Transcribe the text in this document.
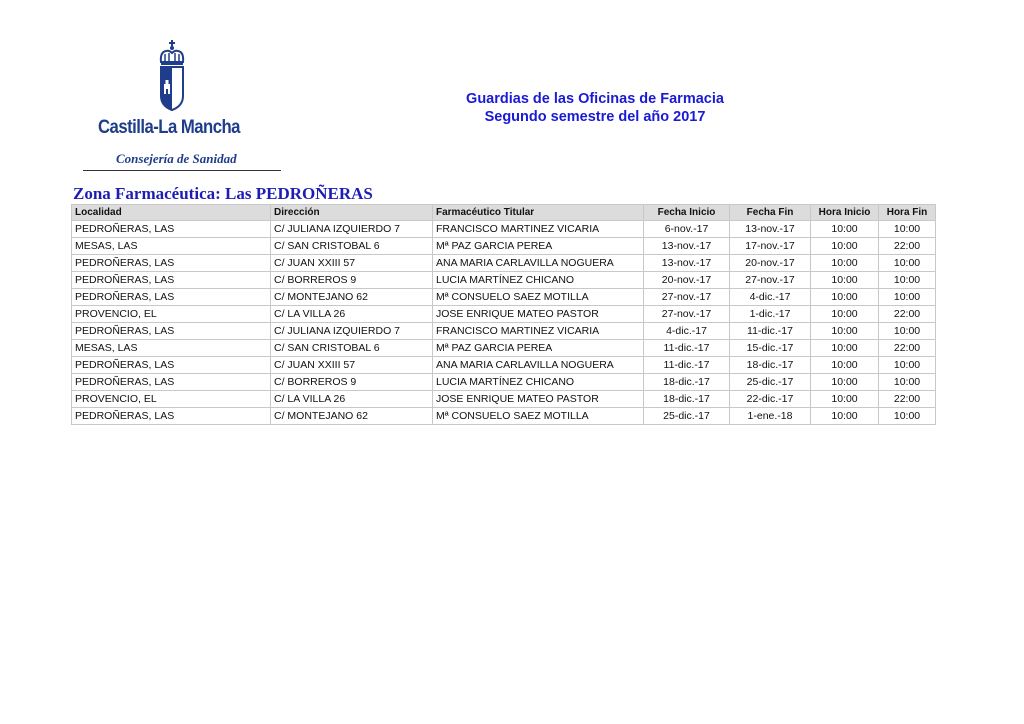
Castilla-La Mancha
Consejería de Sanidad
Guardias de las Oficinas de Farmacia
Segundo semestre del año 2017
Zona Farmacéutica: Las PEDROÑERAS
Localidad	Dirección	Farmacéutico Titular	Fecha Inicio	Fecha Fin	Hora Inicio	Hora Fin
PEDROÑERAS, LAS	C/ JULIANA IZQUIERDO 7	FRANCISCO MARTINEZ VICARIA	6-nov.-17	13-nov.-17	10:00	10:00
MESAS, LAS	C/ SAN CRISTOBAL 6	Mª PAZ GARCIA PEREA	13-nov.-17	17-nov.-17	10:00	22:00
PEDROÑERAS, LAS	C/ JUAN XXIII 57	ANA MARIA CARLAVILLA NOGUERA	13-nov.-17	20-nov.-17	10:00	10:00
PEDROÑERAS, LAS	C/ BORREROS 9	LUCIA MARTÍNEZ CHICANO	20-nov.-17	27-nov.-17	10:00	10:00
PEDROÑERAS, LAS	C/ MONTEJANO 62	Mª CONSUELO SAEZ MOTILLA	27-nov.-17	4-dic.-17	10:00	10:00
PROVENCIO, EL	C/ LA VILLA 26	JOSE ENRIQUE MATEO PASTOR	27-nov.-17	1-dic.-17	10:00	22:00
PEDROÑERAS, LAS	C/ JULIANA IZQUIERDO 7	FRANCISCO MARTINEZ VICARIA	4-dic.-17	11-dic.-17	10:00	10:00
MESAS, LAS	C/ SAN CRISTOBAL 6	Mª PAZ GARCIA PEREA	11-dic.-17	15-dic.-17	10:00	22:00
PEDROÑERAS, LAS	C/ JUAN XXIII 57	ANA MARIA CARLAVILLA NOGUERA	11-dic.-17	18-dic.-17	10:00	10:00
PEDROÑERAS, LAS	C/ BORREROS 9	LUCIA MARTÍNEZ CHICANO	18-dic.-17	25-dic.-17	10:00	10:00
PROVENCIO, EL	C/ LA VILLA 26	JOSE ENRIQUE MATEO PASTOR	18-dic.-17	22-dic.-17	10:00	22:00
PEDROÑERAS, LAS	C/ MONTEJANO 62	Mª CONSUELO SAEZ MOTILLA	25-dic.-17	1-ene.-18	10:00	10:00
